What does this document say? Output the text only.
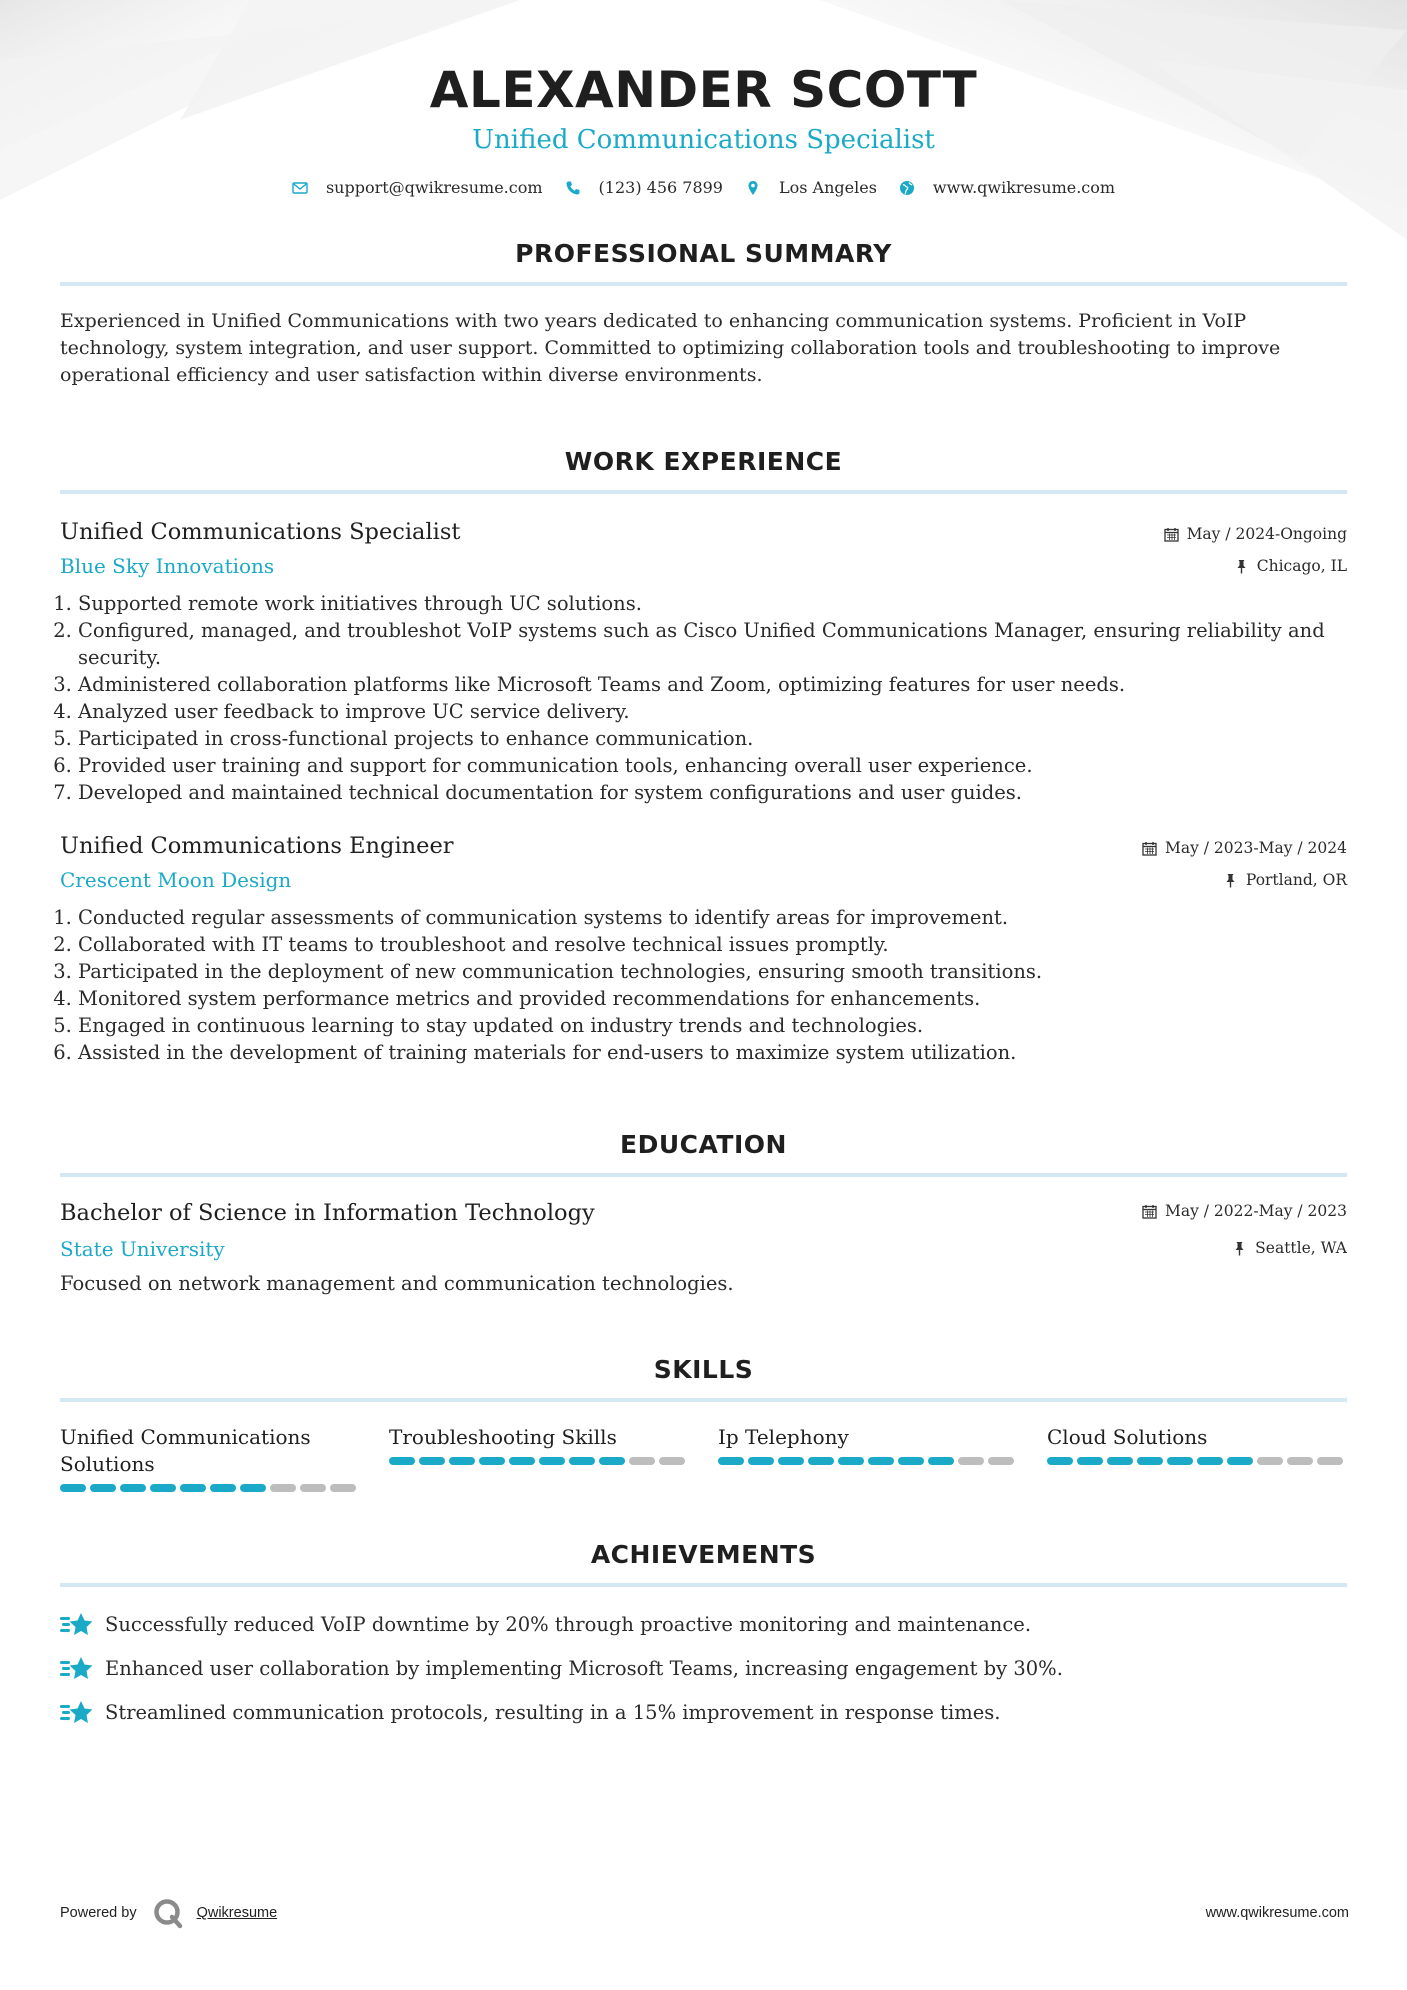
ALEXANDER SCOTT
Unified Communications Specialist
support@qwikresume.com	(123) 456 7899	Los Angeles	www.qwikresume.com
PROFESSIONAL SUMMARY
Experienced in Unified Communications with two years dedicated to enhancing communication systems. Proficient in VoIP technology, system integration, and user support. Committed to optimizing collaboration tools and troubleshooting to improve operational efficiency and user satisfaction within diverse environments.
WORK EXPERIENCE
Unified Communications Specialist
Blue Sky Innovations
May / 2024-Ongoing
Chicago, IL
1. Supported remote work initiatives through UC solutions.
2. Configured, managed, and troubleshot VoIP systems such as Cisco Unified Communications Manager, ensuring reliability and security.
3. Administered collaboration platforms like Microsoft Teams and Zoom, optimizing features for user needs.
4. Analyzed user feedback to improve UC service delivery.
5. Participated in cross-functional projects to enhance communication.
6. Provided user training and support for communication tools, enhancing overall user experience.
7. Developed and maintained technical documentation for system configurations and user guides.
Unified Communications Engineer
Crescent Moon Design
May / 2023-May / 2024
Portland, OR
1. Conducted regular assessments of communication systems to identify areas for improvement.
2. Collaborated with IT teams to troubleshoot and resolve technical issues promptly.
3. Participated in the deployment of new communication technologies, ensuring smooth transitions.
4. Monitored system performance metrics and provided recommendations for enhancements.
5. Engaged in continuous learning to stay updated on industry trends and technologies.
6. Assisted in the development of training materials for end-users to maximize system utilization.
EDUCATION
Bachelor of Science in Information Technology
State University
May / 2022-May / 2023
Seattle, WA
Focused on network management and communication technologies.
SKILLS
Unified Communications Solutions
Troubleshooting Skills	Ip Telephony	Cloud Solutions
ACHIEVEMENTS
Successfully reduced VoIP downtime by 20% through proactive monitoring and maintenance.
Enhanced user collaboration by implementing Microsoft Teams, increasing engagement by 30%.
Streamlined communication protocols, resulting in a 15% improvement in response times.
Powered by	Qwikresume	www.qwikresume.com
